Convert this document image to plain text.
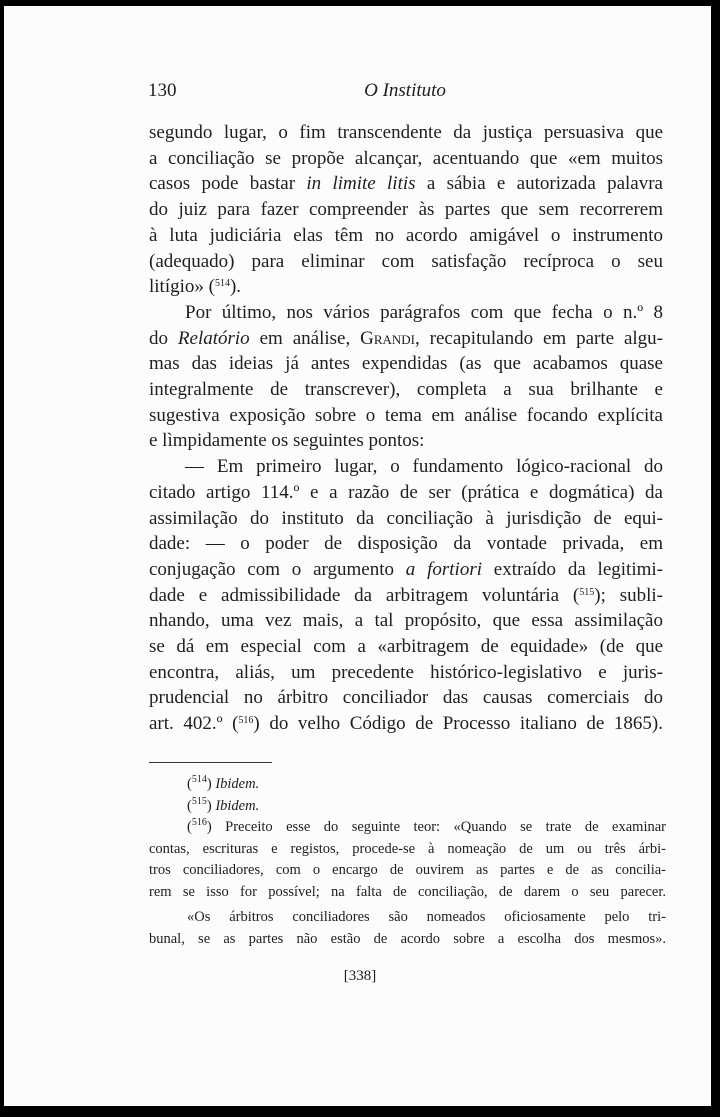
130	O Instituto
segundo lugar, o fim transcendente da justiça persuasiva que
a conciliação se propõe alcançar, acentuando que «em muitos
casos pode bastar in limite litis a sábia e autorizada palavra
do juiz para fazer compreender às partes que sem recorrerem
à luta judiciária elas têm no acordo amigável o instrumento
(adequado) para eliminar com satisfação recíproca o seu
litígio» ($^{514}$).
Por último, nos vários parágrafos com que fecha o n.º 8
do Relatório em análise, Grandi, recapitulando em parte algu-
mas das ideias já antes expendidas (as que acabamos quase
integralmente de transcrever), completa a sua brilhante e
sugestiva exposição sobre o tema em análise focando explícita
e lìmpidamente os seguintes pontos:
— Em primeiro lugar, o fundamento lógico-racional do
citado artigo 114.º e a razão de ser (prática e dogmática) da
assimilação do instituto da conciliação à jurisdição de equi-
dade: — o poder de disposição da vontade privada, em
conjugação com o argumento a fortiori extraído da legitimi-
dade e admissibilidade da arbitragem voluntária ($^{515}$); subli-
nhando, uma vez mais, a tal propósito, que essa assimilação
se dá em especial com a «arbitragem de equidade» (de que
encontra, aliás, um precedente histórico-legislativo e juris-
prudencial no árbitro conciliador das causas comerciais do
art. 402.º ($^{516}$) do velho Código de Processo italiano de 1865).
($^{514}$) Ibidem.
($^{515}$) Ibidem.
($^{516}$) Preceito esse do seguinte teor: «Quando se trate de examinar
contas, escrituras e registos, procede-se à nomeação de um ou três árbi-
tros conciliadores, com o encargo de ouvirem as partes e de as concilia-
rem se isso for possível; na falta de conciliação, de darem o seu parecer.
«Os árbitros conciliadores são nomeados oficiosamente pelo tri-
bunal, se as partes não estão de acordo sobre a escolha dos mesmos».
[338]
